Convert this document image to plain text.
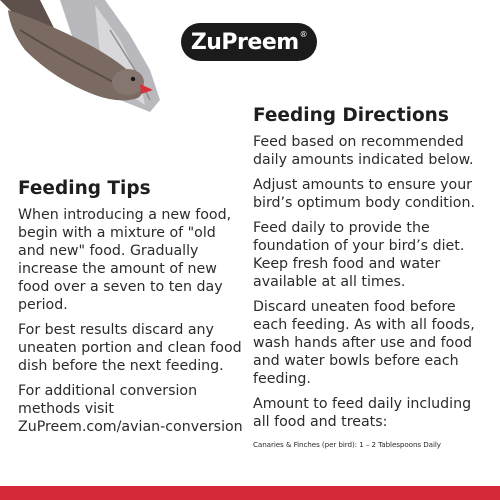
ZuPreem ®
Feeding Tips

When introducing a new food, begin with a mixture of "old and new" food. Gradually increase the amount of new food over a seven to ten day period.

For best results discard any uneaten portion and clean food dish before the next feeding.

For additional conversion methods visit ZuPreem.com/avian-conversion

Feeding Directions

Feed based on recommended daily amounts indicated below.

Adjust amounts to ensure your bird’s optimum body condition.

Feed daily to provide the foundation of your bird’s diet. Keep fresh food and water available at all times.

Discard uneaten food before each feeding. As with all foods, wash hands after use and food and water bowls before each feeding.

Amount to feed daily including all food and treats:

Canaries & Finches (per bird): 1 – 2 Tablespoons Daily
